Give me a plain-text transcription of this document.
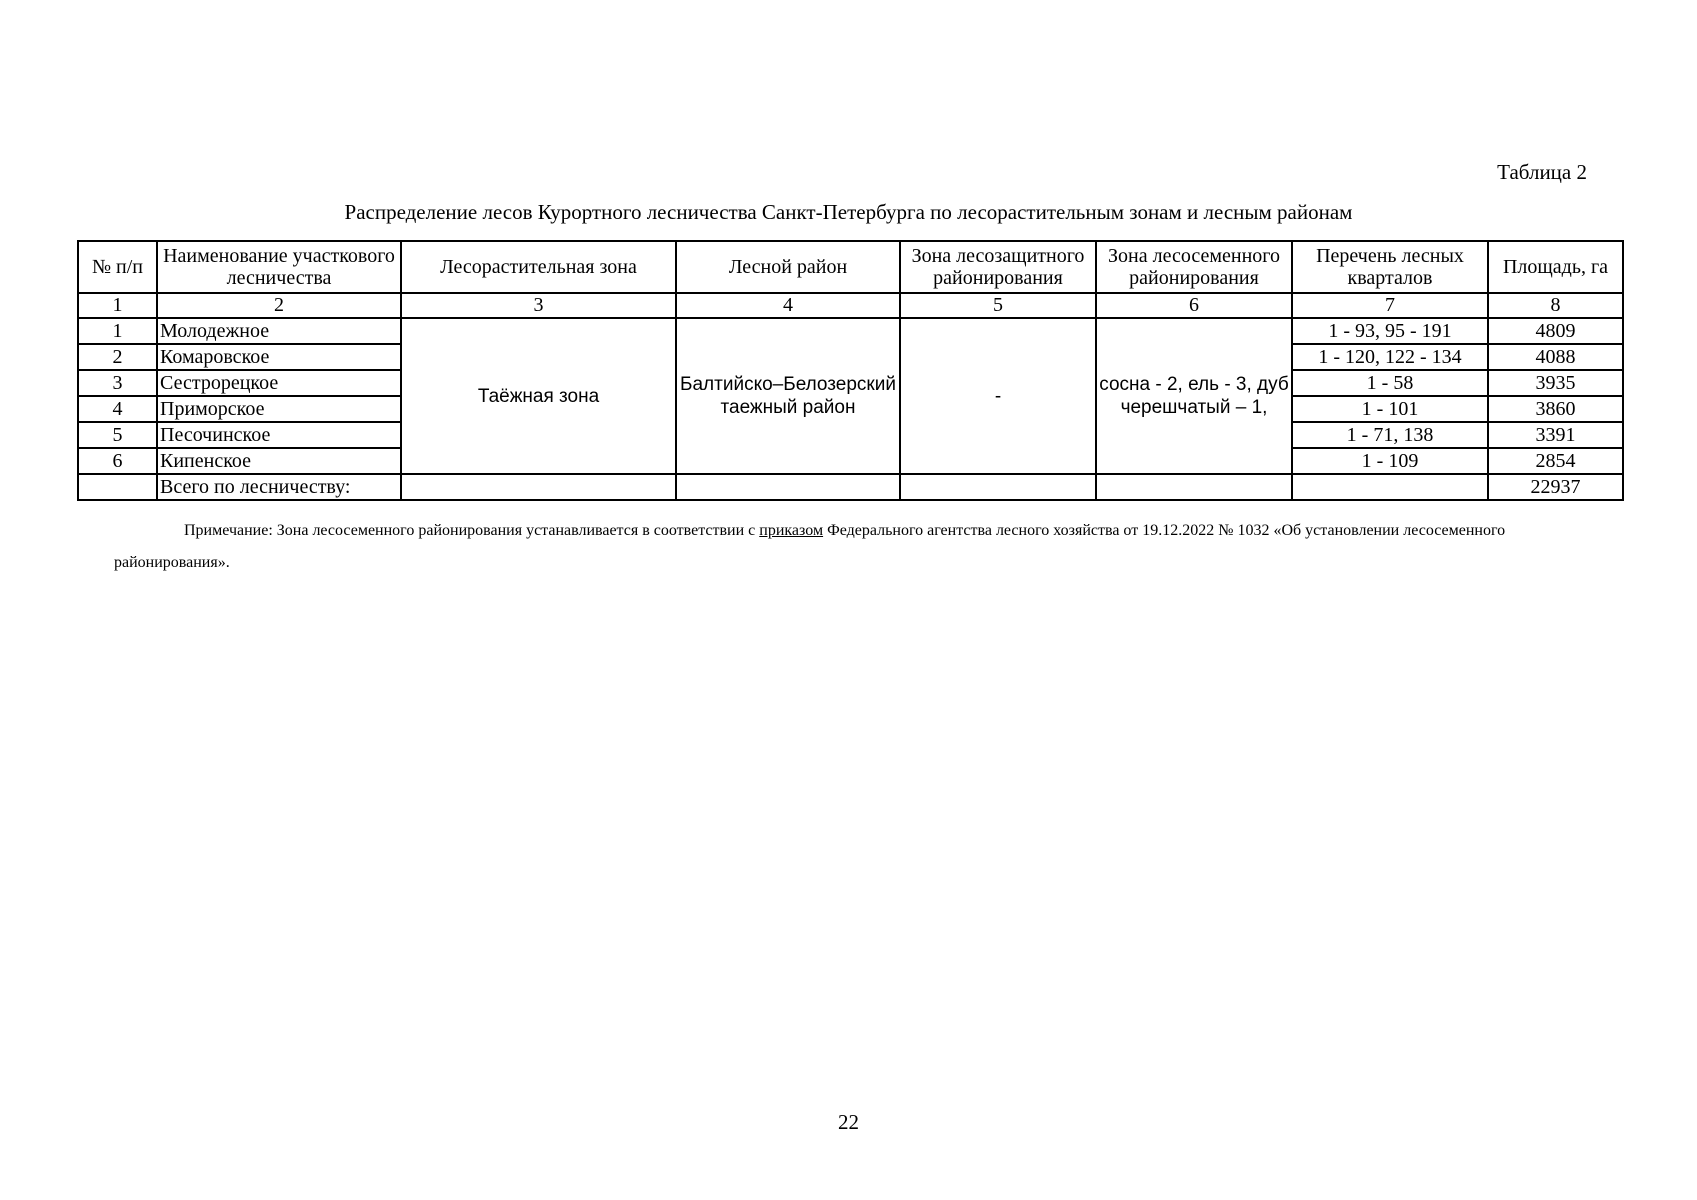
Таблица 2
Распределение лесов Курортного лесничества Санкт-Петербурга по лесорастительным зонам и лесным районам
№ п/п	Наименование участкового лесничества	Лесорастительная зона	Лесной район	Зона лесозащитного районирования	Зона лесосеменного районирования	Перечень лесных кварталов	Площадь, га
1	2	3	4	5	6	7	8
1	Молодежное	Таёжная зона	Балтийско–Белозерский таежный район	-	сосна - 2, ель - 3, дуб черешчатый – 1,	1 - 93, 95 - 191	4809
2	Комаровское					1 - 120, 122 - 134	4088
3	Сестрорецкое					1 - 58	3935
4	Приморское					1 - 101	3860
5	Песочинское					1 - 71, 138	3391
6	Кипенское					1 - 109	2854
	Всего по лесничеству:						22937
Примечание: Зона лесосеменного районирования устанавливается в соответствии с приказом Федерального агентства лесного хозяйства от 19.12.2022 № 1032 «Об установлении лесосеменного районирования».
22
